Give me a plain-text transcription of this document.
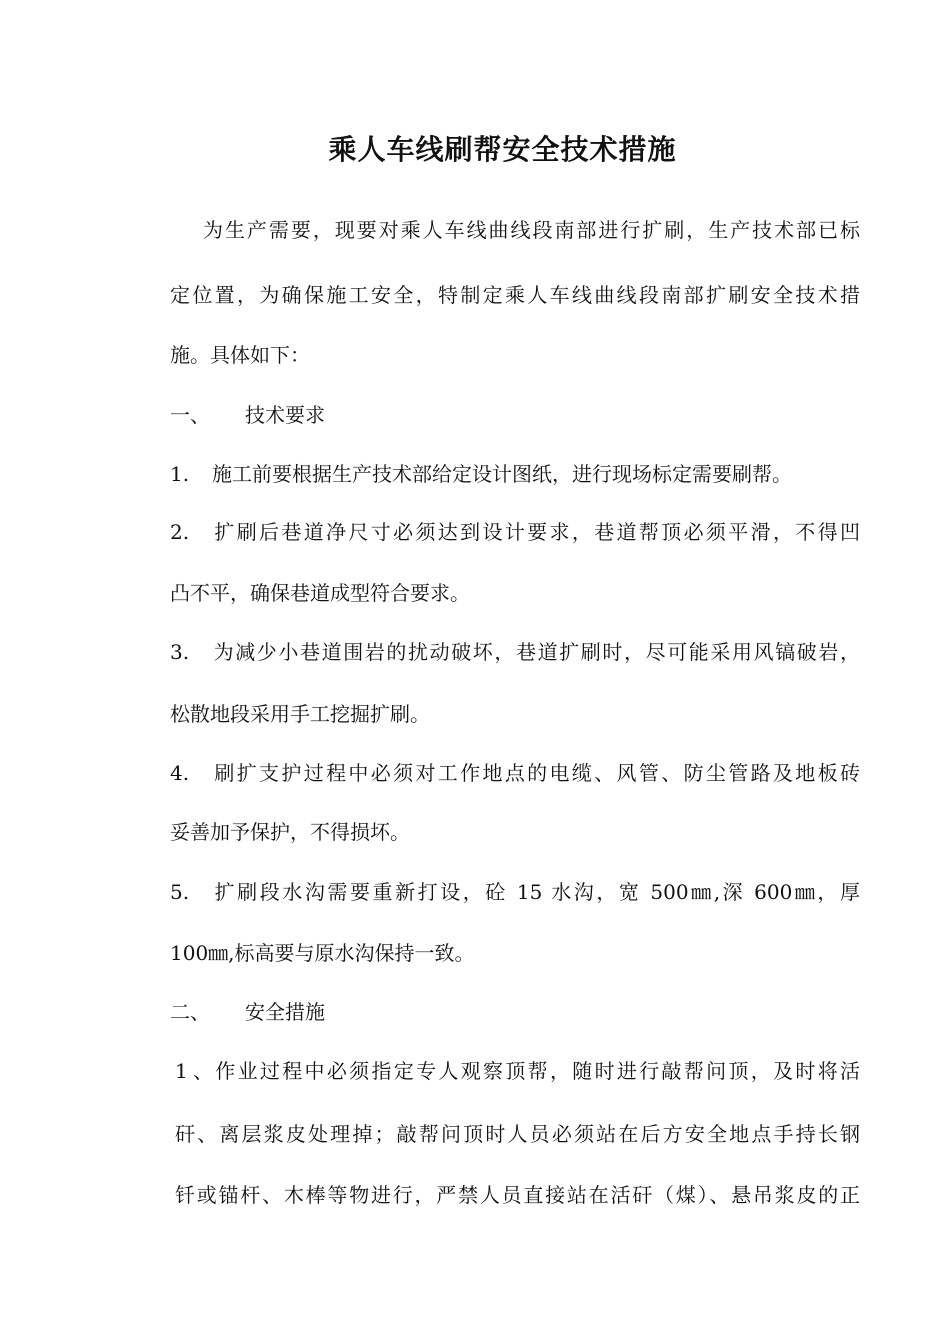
乘人车线刷帮安全技术措施
为生产需要，现要对乘人车线曲线段南部进行扩刷，生产技术部已标
定位置，为确保施工安全，特制定乘人车线曲线段南部扩刷安全技术措
施。具体如下：
一、 技术要求
1. 施工前要根据生产技术部给定设计图纸，进行现场标定需要刷帮。
2. 扩刷后巷道净尺寸必须达到设计要求，巷道帮顶必须平滑，不得凹
凸不平，确保巷道成型符合要求。
3. 为减少小巷道围岩的扰动破坏，巷道扩刷时，尽可能采用风镐破岩，
松散地段采用手工挖掘扩刷。
4. 刷扩支护过程中必须对工作地点的电缆、风管、防尘管路及地板砖
妥善加予保护，不得损坏。
5. 扩刷段水沟需要重新打设，砼 15 水沟，宽 500㎜,深 600㎜，厚
100㎜,标高要与原水沟保持一致。
二、 安全措施
1、作业过程中必须指定专人观察顶帮，随时进行敲帮问顶，及时将活
矸、离层浆皮处理掉；敲帮问顶时人员必须站在后方安全地点手持长钢
钎或锚杆、木棒等物进行，严禁人员直接站在活矸（煤）、悬吊浆皮的正
